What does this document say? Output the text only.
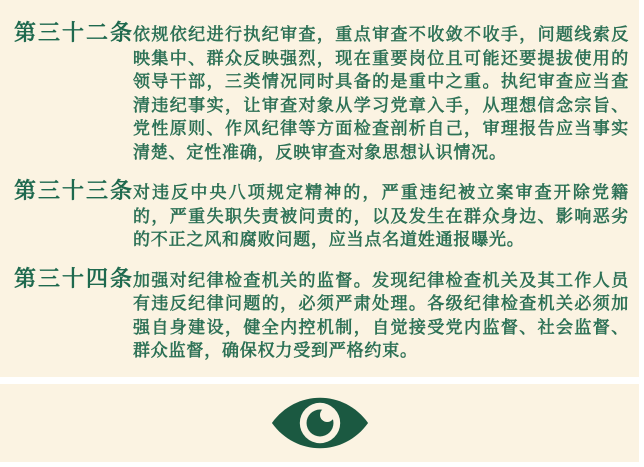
第三十二条
依规依纪进行执纪审查，重点审查不收敛不收手，问题线索反映集中、群众反映强烈，现在重要岗位且可能还要提拔使用的领导干部，三类情况同时具备的是重中之重。执纪审查应当查清违纪事实，让审查对象从学习党章入手，从理想信念宗旨、党性原则、作风纪律等方面检查剖析自己，审理报告应当事实清楚、定性准确，反映审查对象思想认识情况。
第三十三条
对违反中央八项规定精神的，严重违纪被立案审查开除党籍的，严重失职失责被问责的，以及发生在群众身边、影响恶劣的不正之风和腐败问题，应当点名道姓通报曝光。
第三十四条
加强对纪律检查机关的监督。发现纪律检查机关及其工作人员有违反纪律问题的，必须严肃处理。各级纪律检查机关必须加强自身建设，健全内控机制，自觉接受党内监督、社会监督、群众监督，确保权力受到严格约束。
